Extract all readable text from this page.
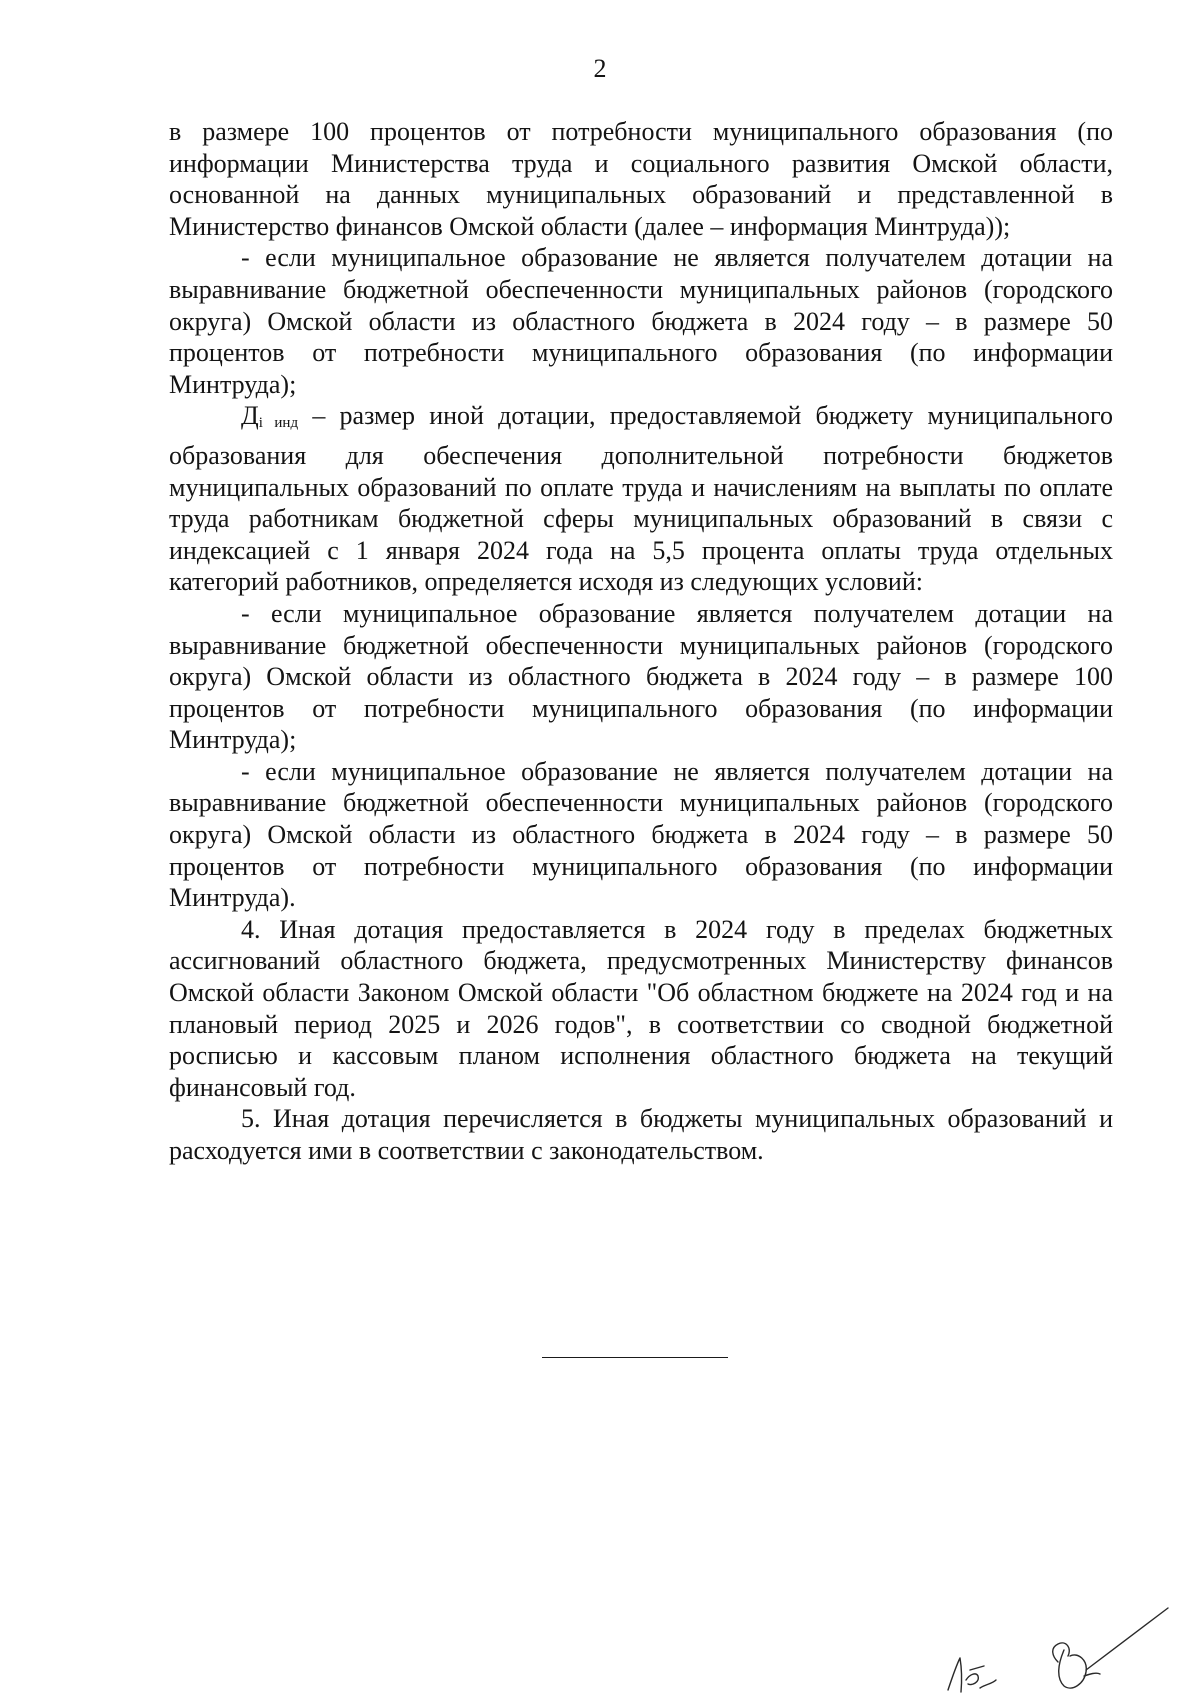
2

в размере 100 процентов от потребности муниципального образования (по информации Министерства труда и социального развития Омской области, основанной на данных муниципальных образований и представленной в Министерство финансов Омской области (далее – информация Минтруда));

- если муниципальное образование не является получателем дотации на выравнивание бюджетной обеспеченности муниципальных районов (городского округа) Омской области из областного бюджета в 2024 году – в размере 50 процентов от потребности муниципального образования (по информации Минтруда);

$Д_{i инд}$ – размер иной дотации, предоставляемой бюджету муниципального образования для обеспечения дополнительной потребности бюджетов муниципальных образований по оплате труда и начислениям на выплаты по оплате труда работникам бюджетной сферы муниципальных образований в связи с индексацией с 1 января 2024 года на 5,5 процента оплаты труда отдельных категорий работников, определяется исходя из следующих условий:

- если муниципальное образование является получателем дотации на выравнивание бюджетной обеспеченности муниципальных районов (городского округа) Омской области из областного бюджета в 2024 году – в размере 100 процентов от потребности муниципального образования (по информации Минтруда);

- если муниципальное образование не является получателем дотации на выравнивание бюджетной обеспеченности муниципальных районов (городского округа) Омской области из областного бюджета в 2024 году – в размере 50 процентов от потребности муниципального образования (по информации Минтруда).

4. Иная дотация предоставляется в 2024 году в пределах бюджетных ассигнований областного бюджета, предусмотренных Министерству финансов Омской области Законом Омской области "Об областном бюджете на 2024 год и на плановый период 2025 и 2026 годов", в соответствии со сводной бюджетной росписью и кассовым планом исполнения областного бюджета на текущий финансовый год.

5. Иная дотация перечисляется в бюджеты муниципальных образований и расходуется ими в соответствии с законодательством.
